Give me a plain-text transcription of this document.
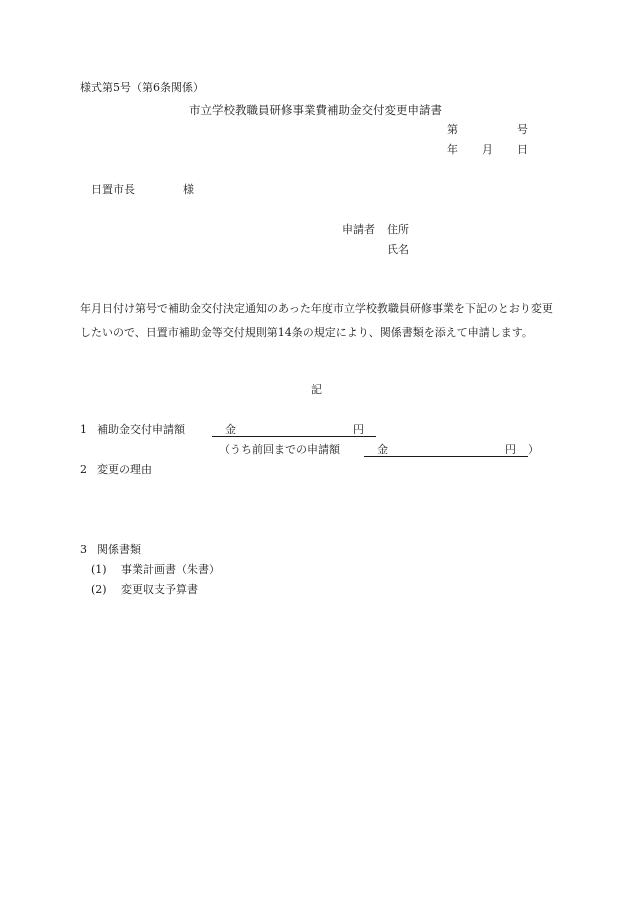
様式第5号（第6条関係）
市立学校教職員研修事業費補助金交付変更申請書
第	号
年 月 日
日置市長	様
申請者 住所
氏名
年月日付け第号で補助金交付決定通知のあった年度市立学校教職員研修事業を下記のとおり変更したいので、日置市補助金等交付規則第14条の規定により、関係書類を添えて申請します。
記
1 補助金交付申請額	金	円

（うち前回までの申請額	金	円
）
2 変更の理由
3 関係書類
(1) 事業計画書（朱書）
(2) 変更収支予算書
